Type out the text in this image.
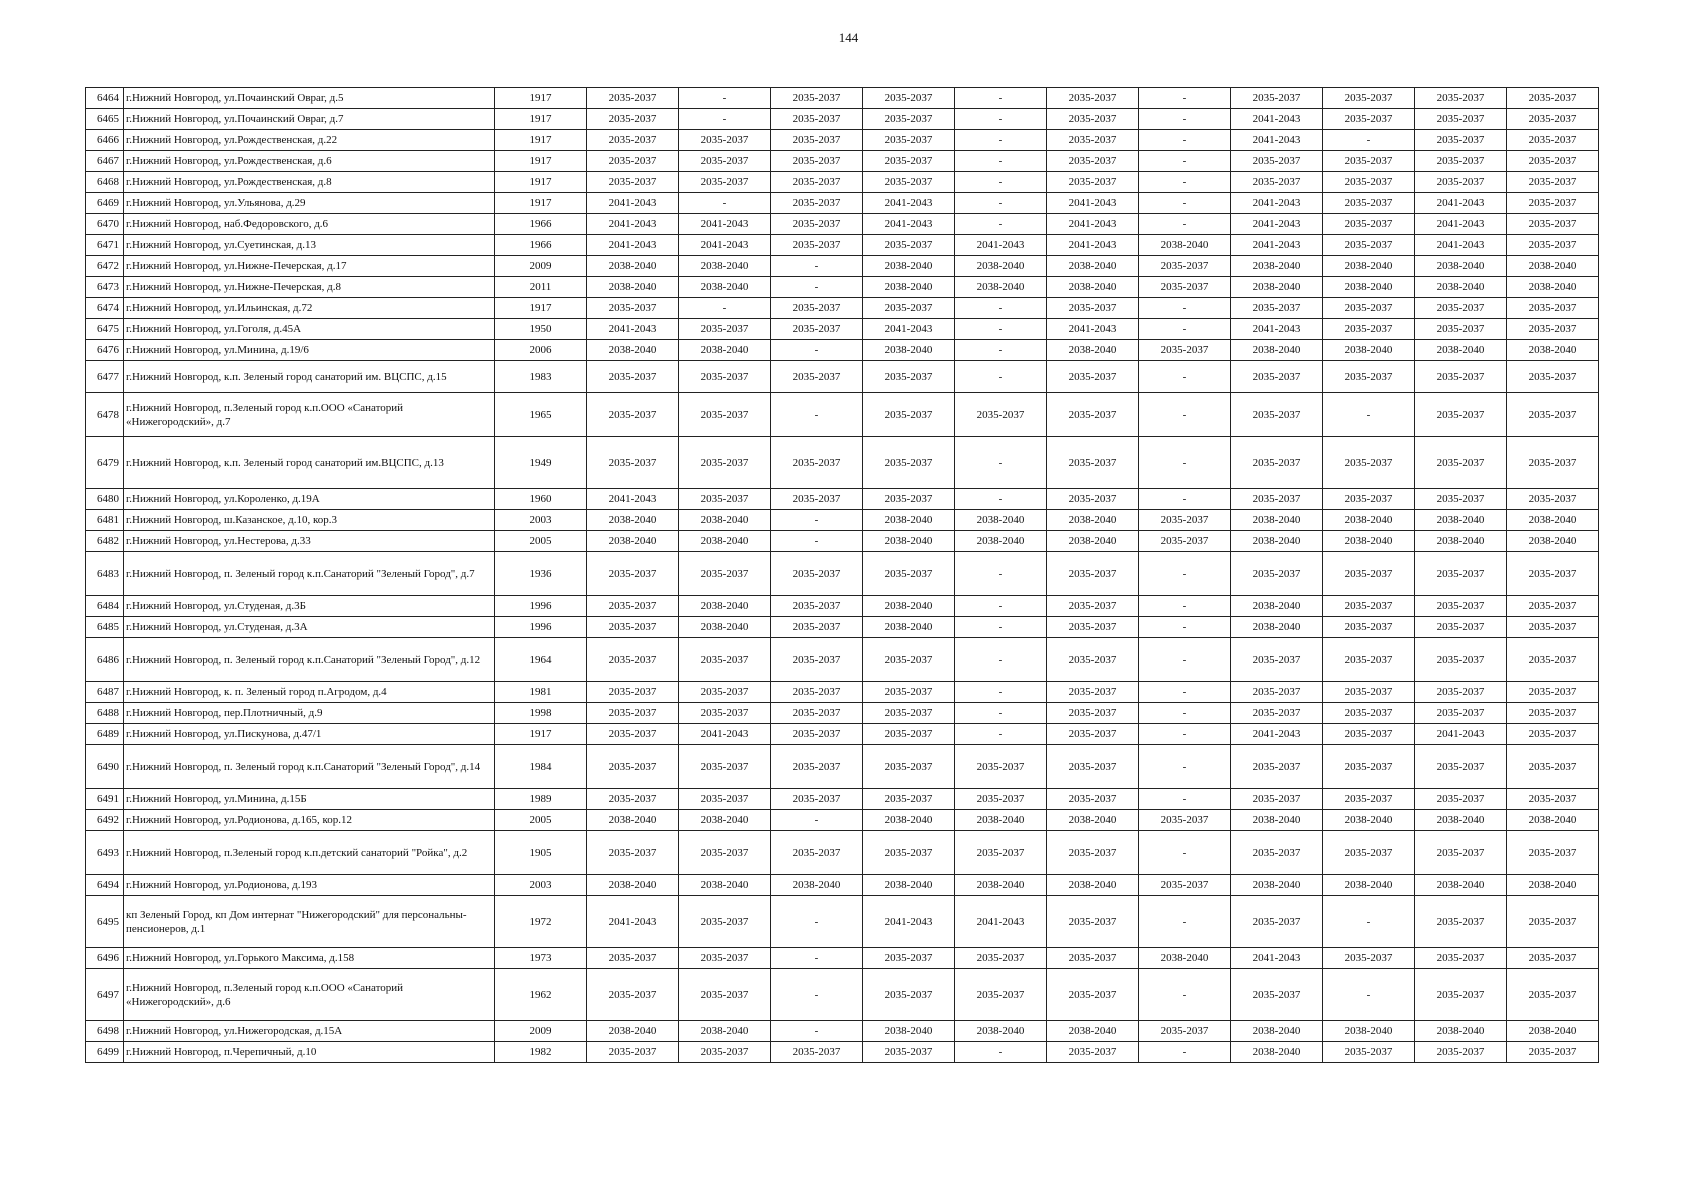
144
6464	г.Нижний Новгород, ул.Почаинский Овраг, д.5	1917	2035-2037	-	2035-2037	2035-2037	-	2035-2037	-	2035-2037	2035-2037	2035-2037	2035-2037
6465	г.Нижний Новгород, ул.Почаинский Овраг, д.7	1917	2035-2037	-	2035-2037	2035-2037	-	2035-2037	-	2041-2043	2035-2037	2035-2037	2035-2037
6466	г.Нижний Новгород, ул.Рождественская, д.22	1917	2035-2037	2035-2037	2035-2037	2035-2037	-	2035-2037	-	2041-2043	-	2035-2037	2035-2037
6467	г.Нижний Новгород, ул.Рождественская, д.6	1917	2035-2037	2035-2037	2035-2037	2035-2037	-	2035-2037	-	2035-2037	2035-2037	2035-2037	2035-2037
6468	г.Нижний Новгород, ул.Рождественская, д.8	1917	2035-2037	2035-2037	2035-2037	2035-2037	-	2035-2037	-	2035-2037	2035-2037	2035-2037	2035-2037
6469	г.Нижний Новгород, ул.Ульянова, д.29	1917	2041-2043	-	2035-2037	2041-2043	-	2041-2043	-	2041-2043	2035-2037	2041-2043	2035-2037
6470	г.Нижний Новгород, наб.Федоровского, д.6	1966	2041-2043	2041-2043	2035-2037	2041-2043	-	2041-2043	-	2041-2043	2035-2037	2041-2043	2035-2037
6471	г.Нижний Новгород, ул.Суетинская, д.13	1966	2041-2043	2041-2043	2035-2037	2035-2037	2041-2043	2041-2043	2038-2040	2041-2043	2035-2037	2041-2043	2035-2037
6472	г.Нижний Новгород, ул.Нижне-Печерская, д.17	2009	2038-2040	2038-2040	-	2038-2040	2038-2040	2038-2040	2035-2037	2038-2040	2038-2040	2038-2040	2038-2040
6473	г.Нижний Новгород, ул.Нижне-Печерская, д.8	2011	2038-2040	2038-2040	-	2038-2040	2038-2040	2038-2040	2035-2037	2038-2040	2038-2040	2038-2040	2038-2040
6474	г.Нижний Новгород, ул.Ильинская, д.72	1917	2035-2037	-	2035-2037	2035-2037	-	2035-2037	-	2035-2037	2035-2037	2035-2037	2035-2037
6475	г.Нижний Новгород, ул.Гоголя, д.45А	1950	2041-2043	2035-2037	2035-2037	2041-2043	-	2041-2043	-	2041-2043	2035-2037	2035-2037	2035-2037
6476	г.Нижний Новгород, ул.Минина, д.19/6	2006	2038-2040	2038-2040	-	2038-2040	-	2038-2040	2035-2037	2038-2040	2038-2040	2038-2040	2038-2040
6477	г.Нижний Новгород, к.п. Зеленый город санаторий им. ВЦСПС, д.15	1983	2035-2037	2035-2037	2035-2037	2035-2037	-	2035-2037	-	2035-2037	2035-2037	2035-2037	2035-2037
6478	г.Нижний Новгород, п.Зеленый город к.п.ООО «Санаторий «Нижегородский», д.7	1965	2035-2037	2035-2037	-	2035-2037	2035-2037	2035-2037	-	2035-2037	-	2035-2037	2035-2037
6479	г.Нижний Новгород, к.п. Зеленый город санаторий им.ВЦСПС, д.13	1949	2035-2037	2035-2037	2035-2037	2035-2037	-	2035-2037	-	2035-2037	2035-2037	2035-2037	2035-2037
6480	г.Нижний Новгород, ул.Короленко, д.19А	1960	2041-2043	2035-2037	2035-2037	2035-2037	-	2035-2037	-	2035-2037	2035-2037	2035-2037	2035-2037
6481	г.Нижний Новгород, ш.Казанское, д.10, кор.3	2003	2038-2040	2038-2040	-	2038-2040	2038-2040	2038-2040	2035-2037	2038-2040	2038-2040	2038-2040	2038-2040
6482	г.Нижний Новгород, ул.Нестерова, д.33	2005	2038-2040	2038-2040	-	2038-2040	2038-2040	2038-2040	2035-2037	2038-2040	2038-2040	2038-2040	2038-2040
6483	г.Нижний Новгород, п. Зеленый город к.п.Санаторий "Зеленый Город", д.7	1936	2035-2037	2035-2037	2035-2037	2035-2037	-	2035-2037	-	2035-2037	2035-2037	2035-2037	2035-2037
6484	г.Нижний Новгород, ул.Студеная, д.3Б	1996	2035-2037	2038-2040	2035-2037	2038-2040	-	2035-2037	-	2038-2040	2035-2037	2035-2037	2035-2037
6485	г.Нижний Новгород, ул.Студеная, д.3А	1996	2035-2037	2038-2040	2035-2037	2038-2040	-	2035-2037	-	2038-2040	2035-2037	2035-2037	2035-2037
6486	г.Нижний Новгород, п. Зеленый город к.п.Санаторий "Зеленый Город", д.12	1964	2035-2037	2035-2037	2035-2037	2035-2037	-	2035-2037	-	2035-2037	2035-2037	2035-2037	2035-2037
6487	г.Нижний Новгород, к. п. Зеленый город п.Агродом, д.4	1981	2035-2037	2035-2037	2035-2037	2035-2037	-	2035-2037	-	2035-2037	2035-2037	2035-2037	2035-2037
6488	г.Нижний Новгород, пер.Плотничный, д.9	1998	2035-2037	2035-2037	2035-2037	2035-2037	-	2035-2037	-	2035-2037	2035-2037	2035-2037	2035-2037
6489	г.Нижний Новгород, ул.Пискунова, д.47/1	1917	2035-2037	2041-2043	2035-2037	2035-2037	-	2035-2037	-	2041-2043	2035-2037	2041-2043	2035-2037
6490	г.Нижний Новгород, п. Зеленый город к.п.Санаторий "Зеленый Город", д.14	1984	2035-2037	2035-2037	2035-2037	2035-2037	2035-2037	2035-2037	-	2035-2037	2035-2037	2035-2037	2035-2037
6491	г.Нижний Новгород, ул.Минина, д.15Б	1989	2035-2037	2035-2037	2035-2037	2035-2037	2035-2037	2035-2037	-	2035-2037	2035-2037	2035-2037	2035-2037
6492	г.Нижний Новгород, ул.Родионова, д.165, кор.12	2005	2038-2040	2038-2040	-	2038-2040	2038-2040	2038-2040	2035-2037	2038-2040	2038-2040	2038-2040	2038-2040
6493	г.Нижний Новгород, п.Зеленый город к.п.детский санаторий "Ройка", д.2	1905	2035-2037	2035-2037	2035-2037	2035-2037	2035-2037	2035-2037	-	2035-2037	2035-2037	2035-2037	2035-2037
6494	г.Нижний Новгород, ул.Родионова, д.193	2003	2038-2040	2038-2040	2038-2040	2038-2040	2038-2040	2038-2040	2035-2037	2038-2040	2038-2040	2038-2040	2038-2040
6495	кп Зеленый Город, кп Дом интернат "Нижегородский" для персональны- пенсионеров, д.1	1972	2041-2043	2035-2037	-	2041-2043	2041-2043	2035-2037	-	2035-2037	-	2035-2037	2035-2037
6496	г.Нижний Новгород, ул.Горького Максима, д.158	1973	2035-2037	2035-2037	-	2035-2037	2035-2037	2035-2037	2038-2040	2041-2043	2035-2037	2035-2037	2035-2037
6497	г.Нижний Новгород, п.Зеленый город к.п.ООО «Санаторий «Нижегородский», д.6	1962	2035-2037	2035-2037	-	2035-2037	2035-2037	2035-2037	-	2035-2037	-	2035-2037	2035-2037
6498	г.Нижний Новгород, ул.Нижегородская, д.15А	2009	2038-2040	2038-2040	-	2038-2040	2038-2040	2038-2040	2035-2037	2038-2040	2038-2040	2038-2040	2038-2040
6499	г.Нижний Новгород, п.Черепичный, д.10	1982	2035-2037	2035-2037	2035-2037	2035-2037	-	2035-2037	-	2038-2040	2035-2037	2035-2037	2035-2037
